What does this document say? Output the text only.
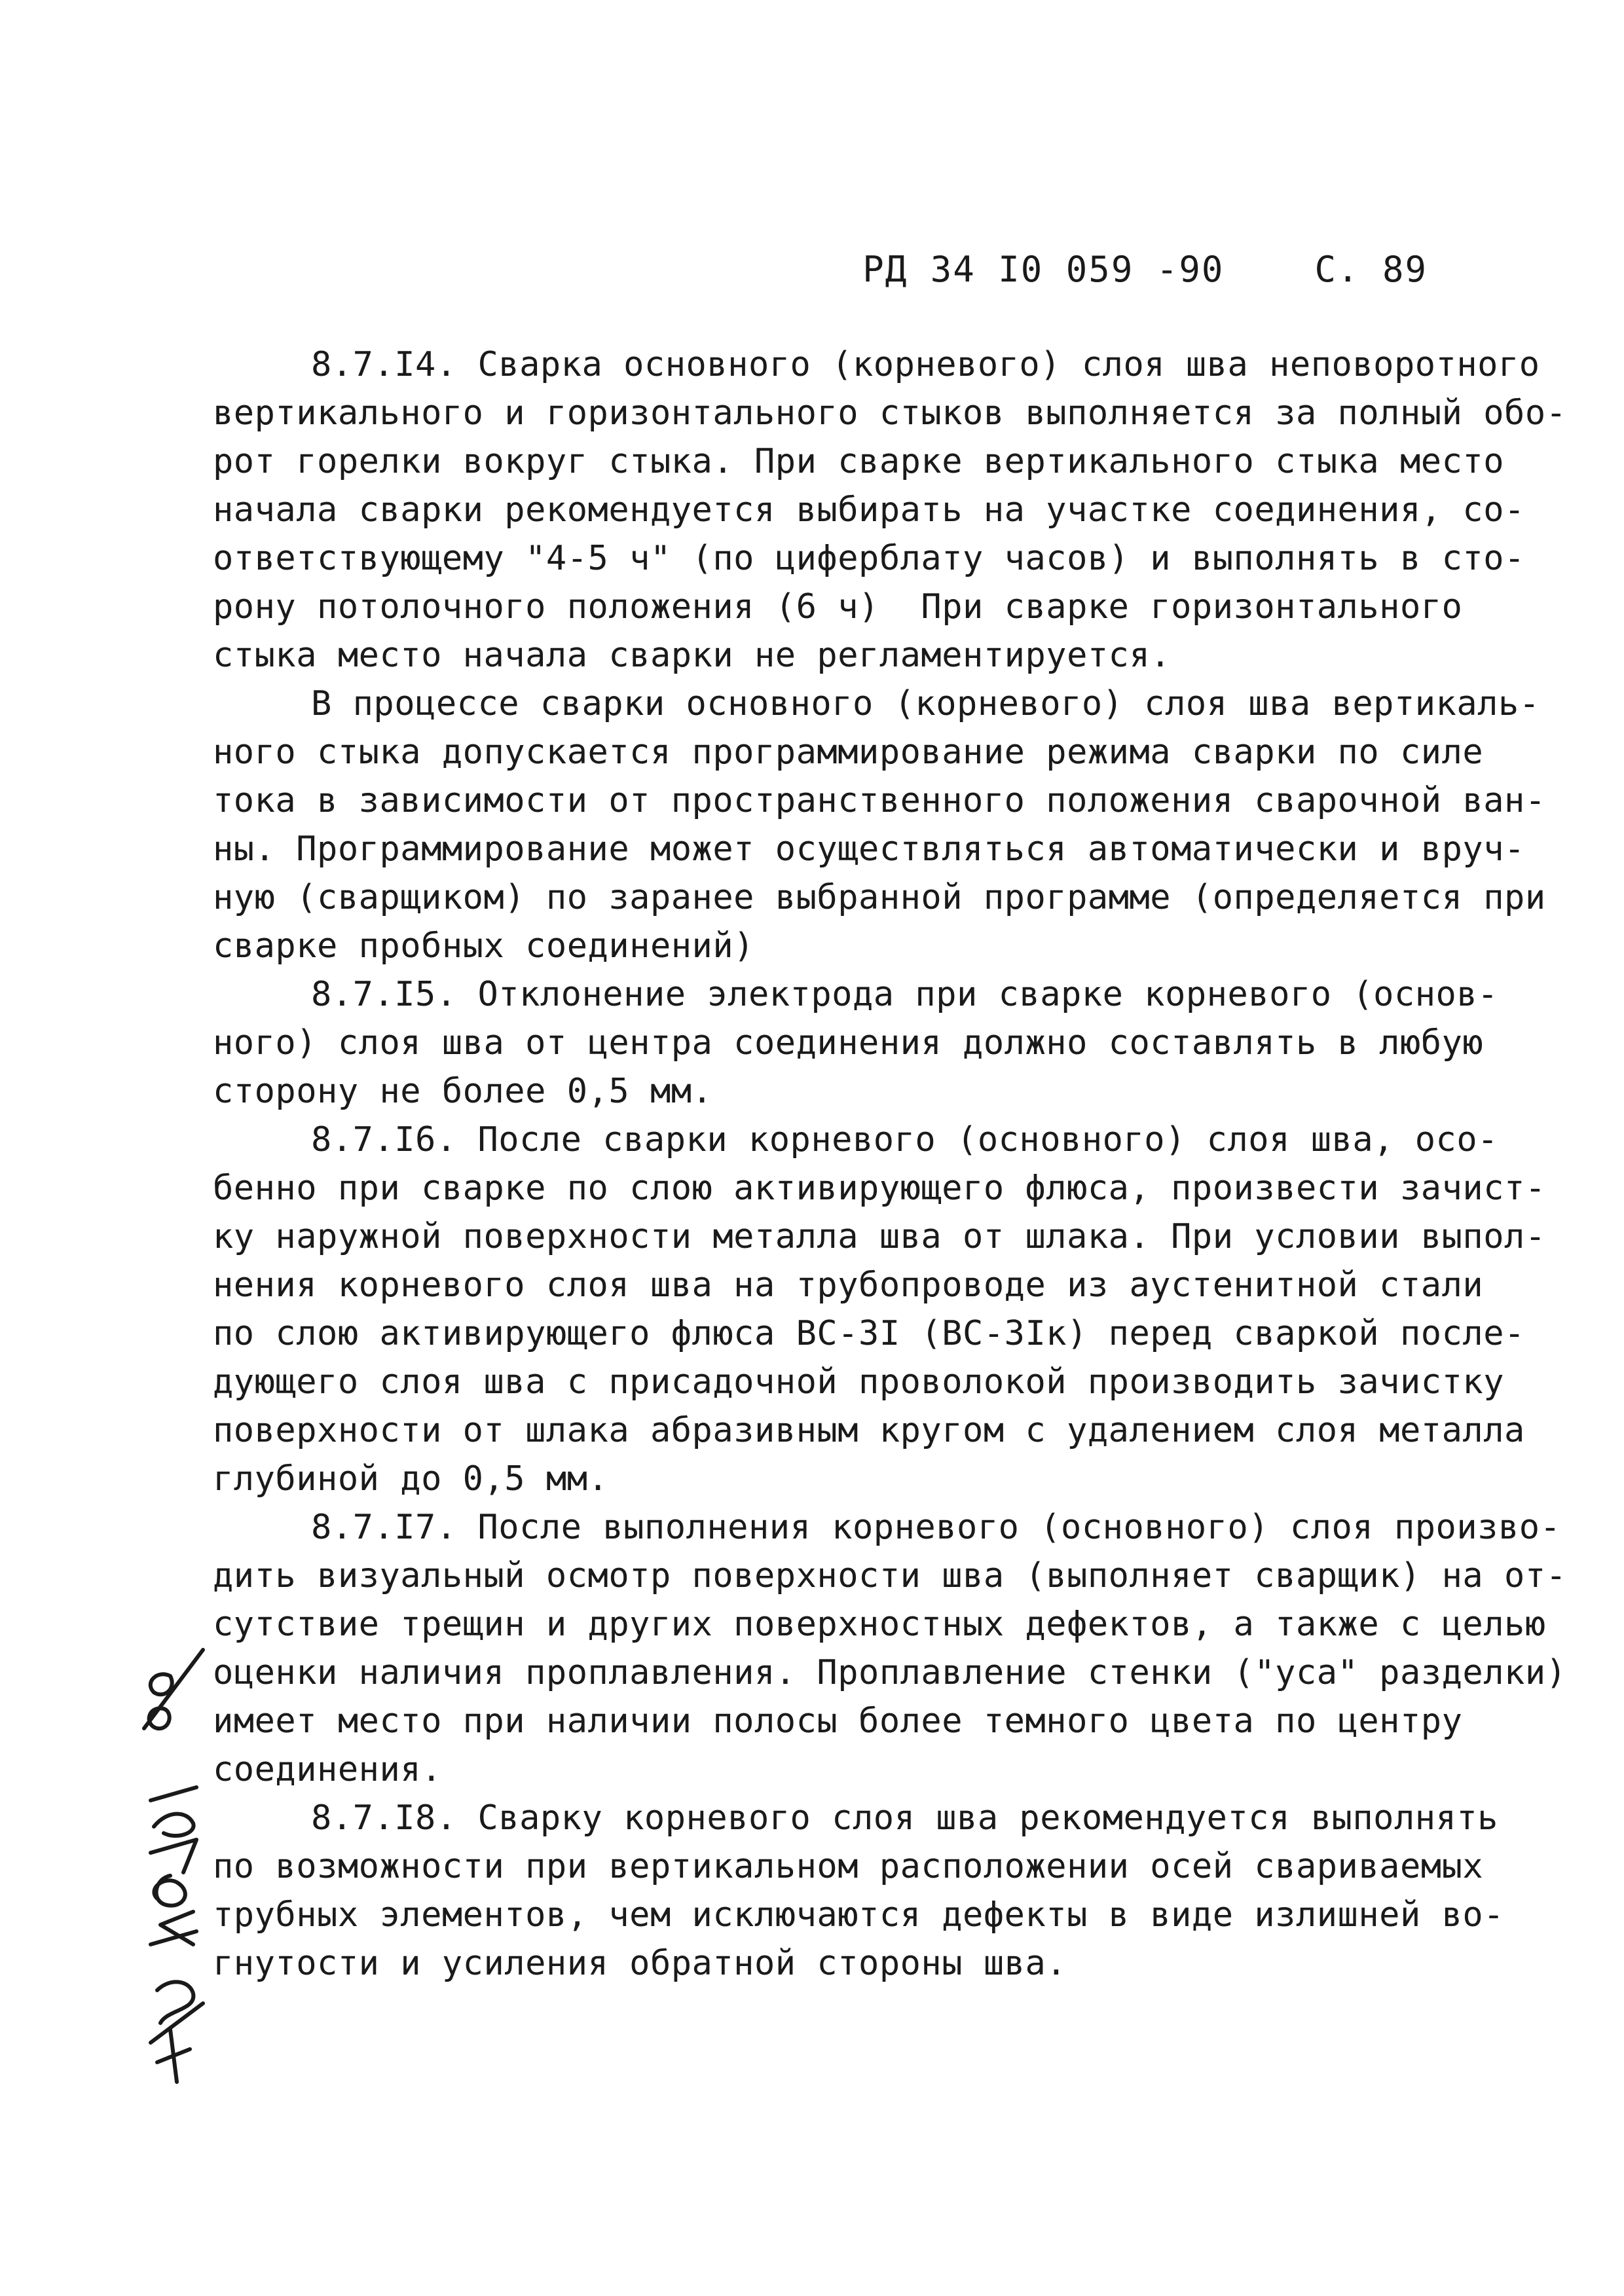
РД 34 I0 059 -90	С. 89
8.7.I4. Сварка основного (корневого) слоя шва неповоротного
вертикального и горизонтального стыков выполняется за полный обо-
рот горелки вокруг стыка. При сварке вертикального стыка место
начала сварки рекомендуется выбирать на участке соединения, со-
ответствующему "4-5 ч" (по циферблату часов) и выполнять в сто-
рону потолочного положения (6 ч)  При сварке горизонтального
стыка место начала сварки не регламентируется.
В процессе сварки основного (корневого) слоя шва вертикаль-
ного стыка допускается программирование режима сварки по силе
тока в зависимости от пространственного положения сварочной ван-
ны. Программирование может осуществляться автоматически и вруч-
ную (сварщиком) по заранее выбранной программе (определяется при
сварке пробных соединений)
8.7.I5. Отклонение электрода при сварке корневого (основ-
ного) слоя шва от центра соединения должно составлять в любую
сторону не более 0,5 мм.
8.7.I6. После сварки корневого (основного) слоя шва, осо-
бенно при сварке по слою активирующего флюса, произвести зачист-
ку наружной поверхности металла шва от шлака. При условии выпол-
нения корневого слоя шва на трубопроводе из аустенитной стали
по слою активирующего флюса ВС-3I (ВС-3Iк) перед сваркой после-
дующего слоя шва с присадочной проволокой производить зачистку
поверхности от шлака абразивным кругом с удалением слоя металла
глубиной до 0,5 мм.
8.7.I7. После выполнения корневого (основного) слоя произво-
дить визуальный осмотр поверхности шва (выполняет сварщик) на от-
сутствие трещин и других поверхностных дефектов, а также с целью
оценки наличия проплавления. Проплавление стенки ("уса" разделки)
имеет место при наличии полосы более темного цвета по центру
соединения.
8.7.I8. Сварку корневого слоя шва рекомендуется выполнять
по возможности при вертикальном расположении осей свариваемых
трубных элементов, чем исключаются дефекты в виде излишней во-
гнутости и усиления обратной стороны шва.
